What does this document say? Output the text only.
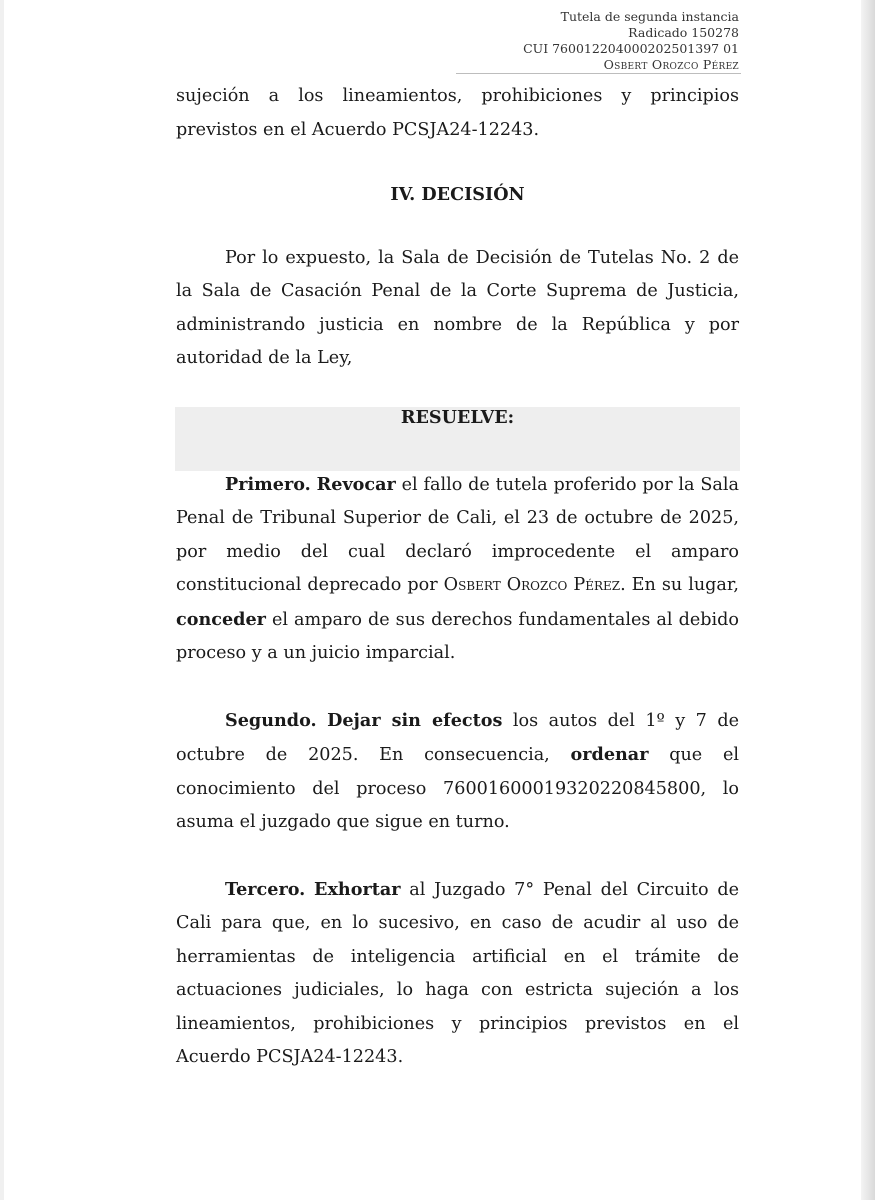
Tutela de segunda instancia
Radicado 150278
CUI 760012204000202501397 01
Osbert Orozco Pérez

sujeción a los lineamientos, prohibiciones y principios previstos en el Acuerdo PCSJA24-12243.

IV. DECISIÓN

Por lo expuesto, la Sala de Decisión de Tutelas No. 2 de la Sala de Casación Penal de la Corte Suprema de Justicia, administrando justicia en nombre de la República y por autoridad de la Ley,

RESUELVE:

Primero. Revocar el fallo de tutela proferido por la Sala Penal de Tribunal Superior de Cali, el 23 de octubre de 2025, por medio del cual declaró improcedente el amparo constitucional deprecado por Osbert Orozco Pérez. En su lugar, conceder el amparo de sus derechos fundamentales al debido proceso y a un juicio imparcial.

Segundo. Dejar sin efectos los autos del 1º y 7 de octubre de 2025. En consecuencia, ordenar que el conocimiento del proceso 76001600019320220845800, lo asuma el juzgado que sigue en turno.

Tercero. Exhortar al Juzgado 7° Penal del Circuito de Cali para que, en lo sucesivo, en caso de acudir al uso de herramientas de inteligencia artificial en el trámite de actuaciones judiciales, lo haga con estricta sujeción a los lineamientos, prohibiciones y principios previstos en el Acuerdo PCSJA24-12243.
